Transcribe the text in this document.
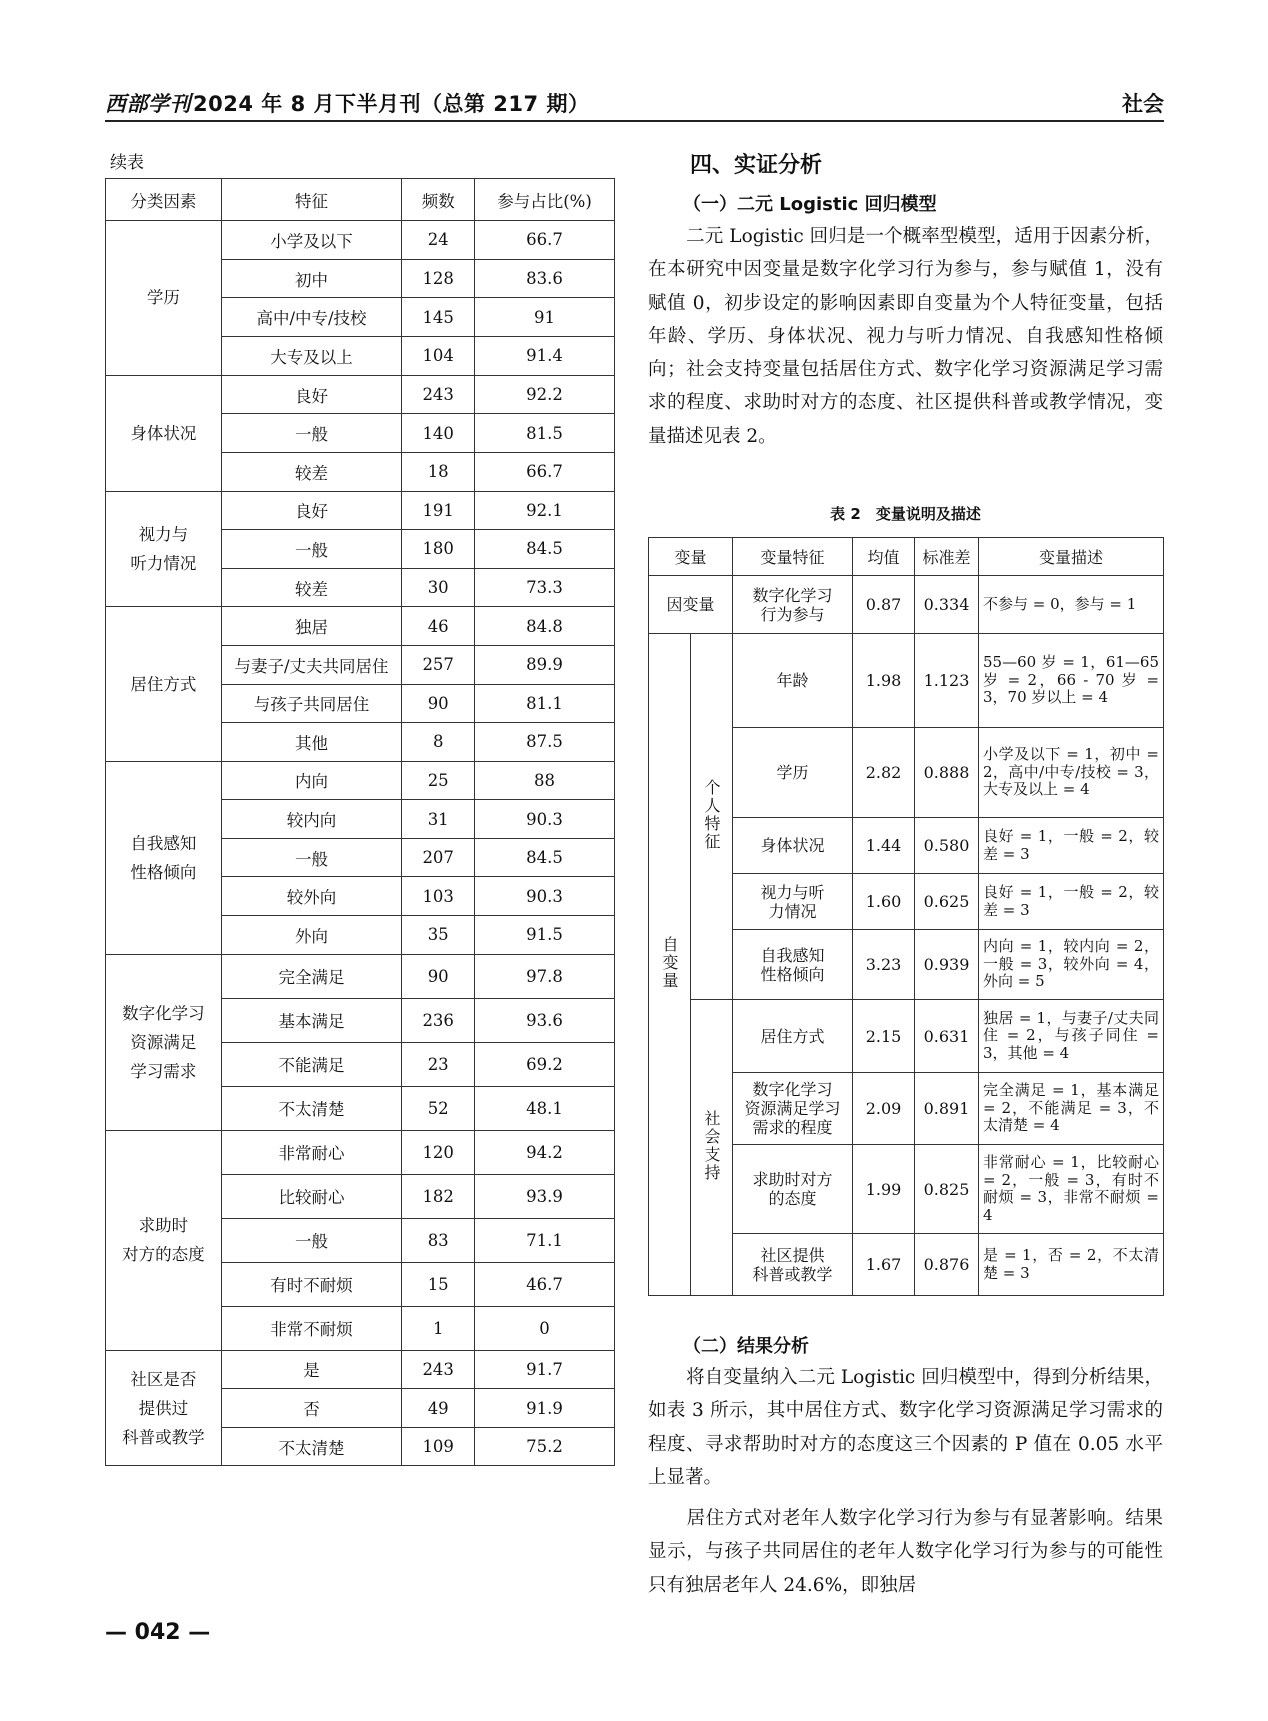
西部学刊2024 年 8 月下半月刊（总第 217 期）	社会
续表
分类因素	特征	频数	参与占比(%)
学历	小学及以下	24	66.7
	初中	128	83.6
	高中/中专/技校	145	91
	大专及以上	104	91.4
身体状况	良好	243	92.2
	一般	140	81.5
	较差	18	66.7
视力与
听力情况	良好	191	92.1
	一般	180	84.5
	较差	30	73.3
居住方式	独居	46	84.8
	与妻子/丈夫共同居住	257	89.9
	与孩子共同居住	90	81.1
	其他	8	87.5
自我感知
性格倾向	内向	25	88
	较内向	31	90.3
	一般	207	84.5
	较外向	103	90.3
	外向	35	91.5
数字化学习
资源满足
学习需求	完全满足	90	97.8
	基本满足	236	93.6
	不能满足	23	69.2
	不太清楚	52	48.1
求助时
对方的态度	非常耐心	120	94.2
	比较耐心	182	93.9
	一般	83	71.1
	有时不耐烦	15	46.7
	非常不耐烦	1	0
社区是否
提供过
科普或教学	是	243	91.7
	否	49	91.9
	不太清楚	109	75.2
四、实证分析
（一）二元 Logistic 回归模型

二元 Logistic 回归是一个概率型模型，适用于因素分析，在本研究中因变量是数字化学习行为参与，参与赋值 1，没有赋值 0，初步设定的影响因素即自变量为个人特征变量，包括年龄、学历、身体状况、视力与听力情况、自我感知性格倾向；社会支持变量包括居住方式、数字化学习资源满足学习需求的程度、求助时对方的态度、社区提供科普或教学情况，变量描述见表 2。

表 2　变量说明及描述
变量		变量特征	均值	标准差	变量描述
因变量		数字化学习
行为参与	0.87	0.334	不参与 = 0，参与 = 1
自变量	个人特征	年龄	1.98	1.123	55—60 岁 = 1，61—65 岁 = 2，66 - 70 岁 = 3，70 岁以上 = 4
		学历	2.82	0.888	小学及以下 = 1，初中 = 2，高中/中专/技校 = 3，大专及以上 = 4
		身体状况	1.44	0.580	良好 = 1，一般 = 2，较差 = 3
		视力与听
力情况	1.60	0.625	良好 = 1，一般 = 2，较差 = 3
		自我感知
性格倾向	3.23	0.939	内向 = 1，较内向 = 2，一般 = 3，较外向 = 4，外向 = 5
	社会支持	居住方式	2.15	0.631	独居 = 1，与妻子/丈夫同住 = 2，与孩子同住 = 3，其他 = 4
		数字化学习
资源满足学习
需求的程度	2.09	0.891	完全满足 = 1，基本满足 = 2，不能满足 = 3，不太清楚 = 4
		求助时对方
的态度	1.99	0.825	非常耐心 = 1，比较耐心 = 2，一般 = 3，有时不耐烦 = 3，非常不耐烦 = 4
		社区提供
科普或教学	1.67	0.876	是 = 1，否 = 2，不太清楚 = 3
（二）结果分析

将自变量纳入二元 Logistic 回归模型中，得到分析结果，如表 3 所示，其中居住方式、数字化学习资源满足学习需求的程度、寻求帮助时对方的态度这三个因素的 P 值在 0.05 水平上显著。

居住方式对老年人数字化学习行为参与有显著影响。结果显示，与孩子共同居住的老年人数字化学习行为参与的可能性只有独居老年人 24.6%，即独居

— 042 —
